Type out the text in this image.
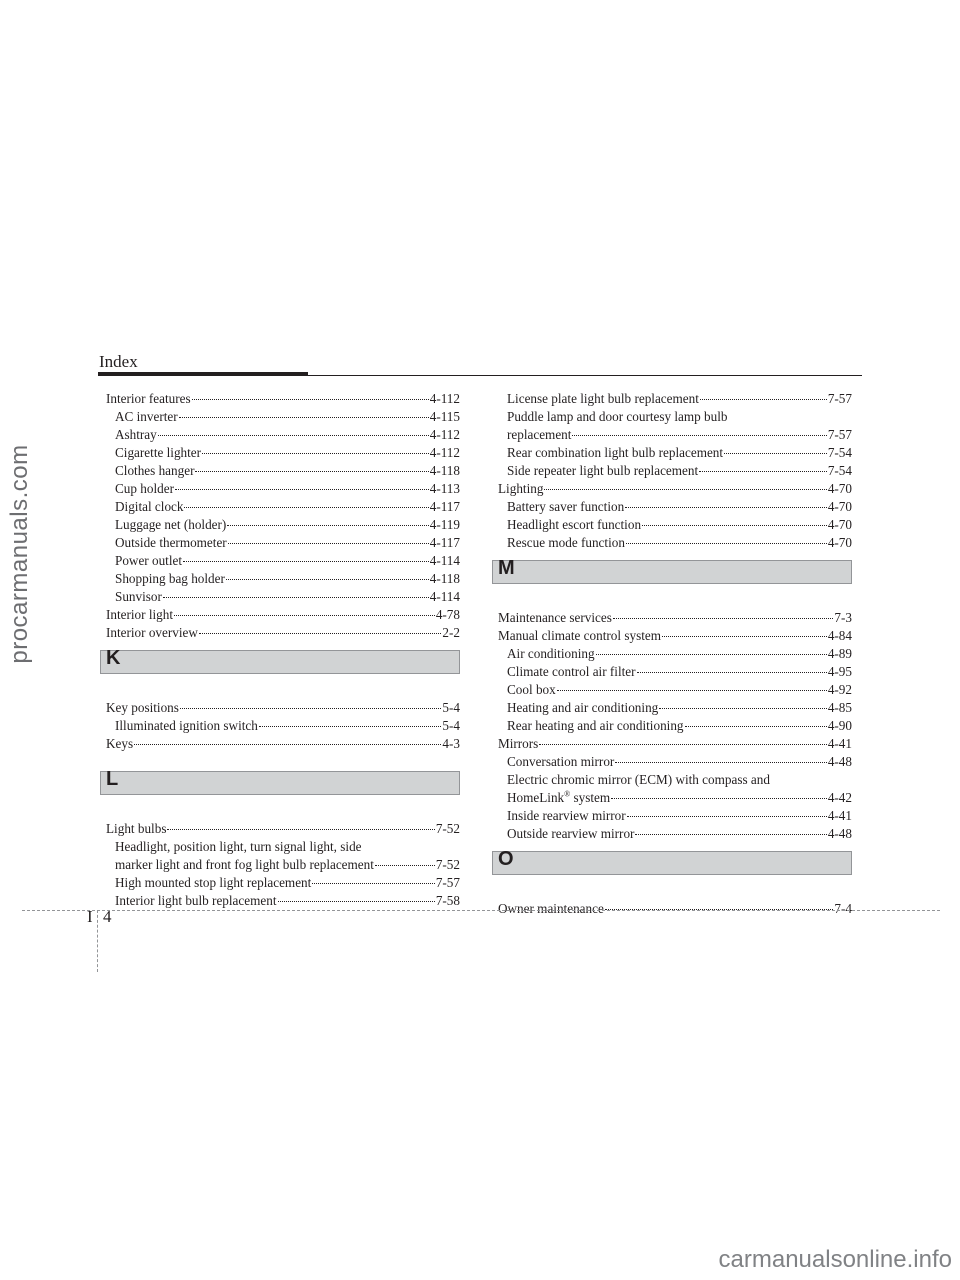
procarmanuals.com
Index
Interior features	4-112
AC inverter	4-115
Ashtray	4-112
Cigarette lighter	4-112
Clothes hanger	4-118
Cup holder	4-113
Digital clock	4-117
Luggage net (holder)	4-119
Outside thermometer	4-117
Power outlet	4-114
Shopping bag holder	4-118
Sunvisor	4-114
Interior light	4-78
Interior overview	2-2
K
Key positions	5-4
Illuminated ignition switch	5-4
Keys	4-3
L
Light bulbs	7-52
Headlight, position light, turn signal light, side
marker light and front fog light bulb replacement	7-52
High mounted stop light replacement	7-57
Interior light bulb replacement	7-58
License plate light bulb replacement	7-57
Puddle lamp and door courtesy lamp bulb
replacement	7-57
Rear combination light bulb replacement	7-54
Side repeater light bulb replacement	7-54
Lighting	4-70
Battery saver function	4-70
Headlight escort function	4-70
Rescue mode function	4-70
M
Maintenance services	7-3
Manual climate control system	4-84
Air conditioning	4-89
Climate control air filter	4-95
Cool box	4-92
Heating and air conditioning	4-85
Rear heating and air conditioning	4-90
Mirrors	4-41
Conversation mirror	4-48
Electric chromic mirror (ECM) with compass and
HomeLink® system	4-42
Inside rearview mirror	4-41
Outside rearview mirror	4-48
O
Owner maintenance	7-4
I 4
carmanualsonline.info
